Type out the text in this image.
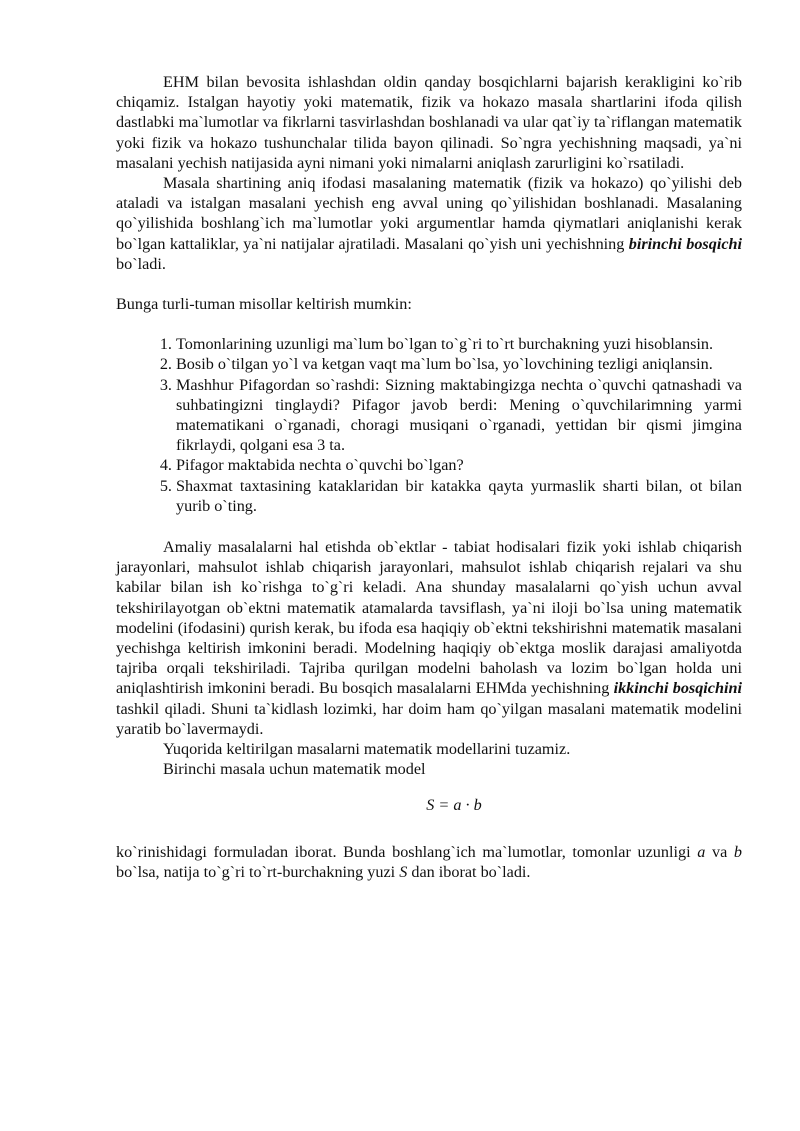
EHM bilan bevosita ishlashdan oldin qanday bosqichlarni bajarish kerakligini ko`rib chiqamiz. Istalgan hayotiy yoki matematik, fizik va hokazo masala shartlarini ifoda qilish dastlabki ma`lumotlar va fikrlarni tasvirlashdan boshlanadi va ular qat`iy ta`riflangan matematik yoki fizik va hokazo tushunchalar tilida bayon qilinadi. So`ngra yechishning maqsadi, ya`ni masalani yechish natijasida ayni nimani yoki nimalarni aniqlash zarurligini ko`rsatiladi.

Masala shartining aniq ifodasi masalaning matematik (fizik va hokazo) qo`yilishi deb ataladi va istalgan masalani yechish eng avval uning qo`yilishidan boshlanadi. Masalaning qo`yilishida boshlang`ich ma`lumotlar yoki argumentlar hamda qiymatlari aniqlanishi kerak bo`lgan kattaliklar, ya`ni natijalar ajratiladi. Masalani qo`yish uni yechishning birinchi bosqichi bo`ladi.

Bunga turli-tuman misollar keltirish mumkin:

1. Tomonlarining uzunligi ma`lum bo`lgan to`g`ri to`rt burchakning yuzi hisoblansin.
2. Bosib o`tilgan yo`l va ketgan vaqt ma`lum bo`lsa, yo`lovchining tezligi aniqlansin.
3. Mashhur Pifagordan so`rashdi: Sizning maktabingizga nechta o`quvchi qatnashadi va suhbatingizni tinglaydi? Pifagor javob berdi: Mening o`quvchilarimning yarmi matematikani o`rganadi, choragi musiqani o`rganadi, yettidan bir qismi jimgina fikrlaydi, qolgani esa 3 ta.
4. Pifagor maktabida nechta o`quvchi bo`lgan?
5. Shaxmat taxtasining kataklaridan bir katakka qayta yurmaslik sharti bilan, ot bilan yurib o`ting.

Amaliy masalalarni hal etishda ob`ektlar - tabiat hodisalari fizik yoki ishlab chiqarish jarayonlari, mahsulot ishlab chiqarish jarayonlari, mahsulot ishlab chiqarish rejalari va shu kabilar bilan ish ko`rishga to`g`ri keladi. Ana shunday masalalarni qo`yish uchun avval tekshirilayotgan ob`ektni matematik atamalarda tavsiflash, ya`ni iloji bo`lsa uning matematik modelini (ifodasini) qurish kerak, bu ifoda esa haqiqiy ob`ektni tekshirishni matematik masalani yechishga keltirish imkonini beradi. Modelning haqiqiy ob`ektga moslik darajasi amaliyotda tajriba orqali tekshiriladi. Tajriba qurilgan modelni baholash va lozim bo`lgan holda uni aniqlashtirish imkonini beradi. Bu bosqich masalalarni EHMda yechishning ikkinchi bosqichini tashkil qiladi. Shuni ta`kidlash lozimki, har doim ham qo`yilgan masalani matematik modelini yaratib bo`lavermaydi.

Yuqorida keltirilgan masalarni matematik modellarini tuzamiz.

Birinchi masala uchun matematik model

S = a · b

ko`rinishidagi formuladan iborat. Bunda boshlang`ich ma`lumotlar, tomonlar uzunligi a va b bo`lsa, natija to`g`ri to`rt-burchakning yuzi S dan iborat bo`ladi.
